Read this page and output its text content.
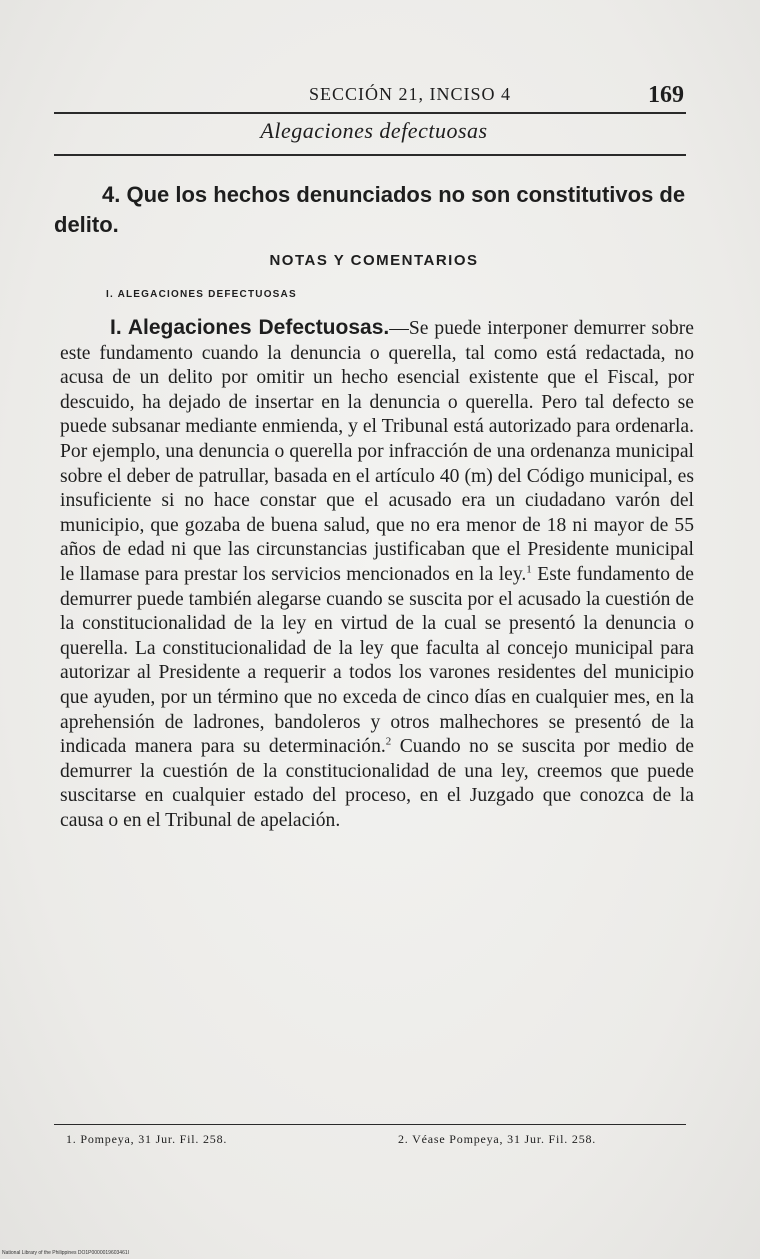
SECCIÓN 21, INCISO 4	169
Alegaciones defectuosas
4. Que los hechos denunciados no son constitutivos de delito.
NOTAS Y COMENTARIOS
I. ALEGACIONES DEFECTUOSAS

I. Alegaciones Defectuosas.—Se puede interponer demurrer sobre este fundamento cuando la denuncia o querella, tal como está redactada, no acusa de un delito por omitir un hecho esencial existente que el Fiscal, por descuido, ha dejado de insertar en la denuncia o querella. Pero tal defecto se puede subsanar mediante enmienda, y el Tribunal está autorizado para ordenarla. Por ejemplo, una denuncia o querella por infracción de una ordenanza municipal sobre el deber de patrullar, basada en el artículo 40 (m) del Código municipal, es insuficiente si no hace constar que el acusado era un ciudadano varón del municipio, que gozaba de buena salud, que no era menor de 18 ni mayor de 55 años de edad ni que las circunstancias justificaban que el Presidente municipal le llamase para prestar los servicios mencionados en la ley.$^1$ Este fundamento de demurrer puede también alegarse cuando se suscita por el acusado la cuestión de la constitucionalidad de la ley en virtud de la cual se presentó la denuncia o querella. La constitucionalidad de la ley que faculta al concejo municipal para autorizar al Presidente a requerir a todos los varones residentes del municipio que ayuden, por un término que no exceda de cinco días en cualquier mes, en la aprehensión de ladrones, bandoleros y otros malhechores se presentó de la indicada manera para su determinación.$^2$ Cuando no se suscita por medio de demurrer la cuestión de la constitucionalidad de una ley, creemos que puede suscitarse en cualquier estado del proceso, en el Juzgado que conozca de la causa o en el Tribunal de apelación.

1. Pompeya, 31 Jur. Fil. 258.	2. Véase Pompeya, 31 Jur. Fil. 258.
National Library of the Philippines DO1P0000019603461I
